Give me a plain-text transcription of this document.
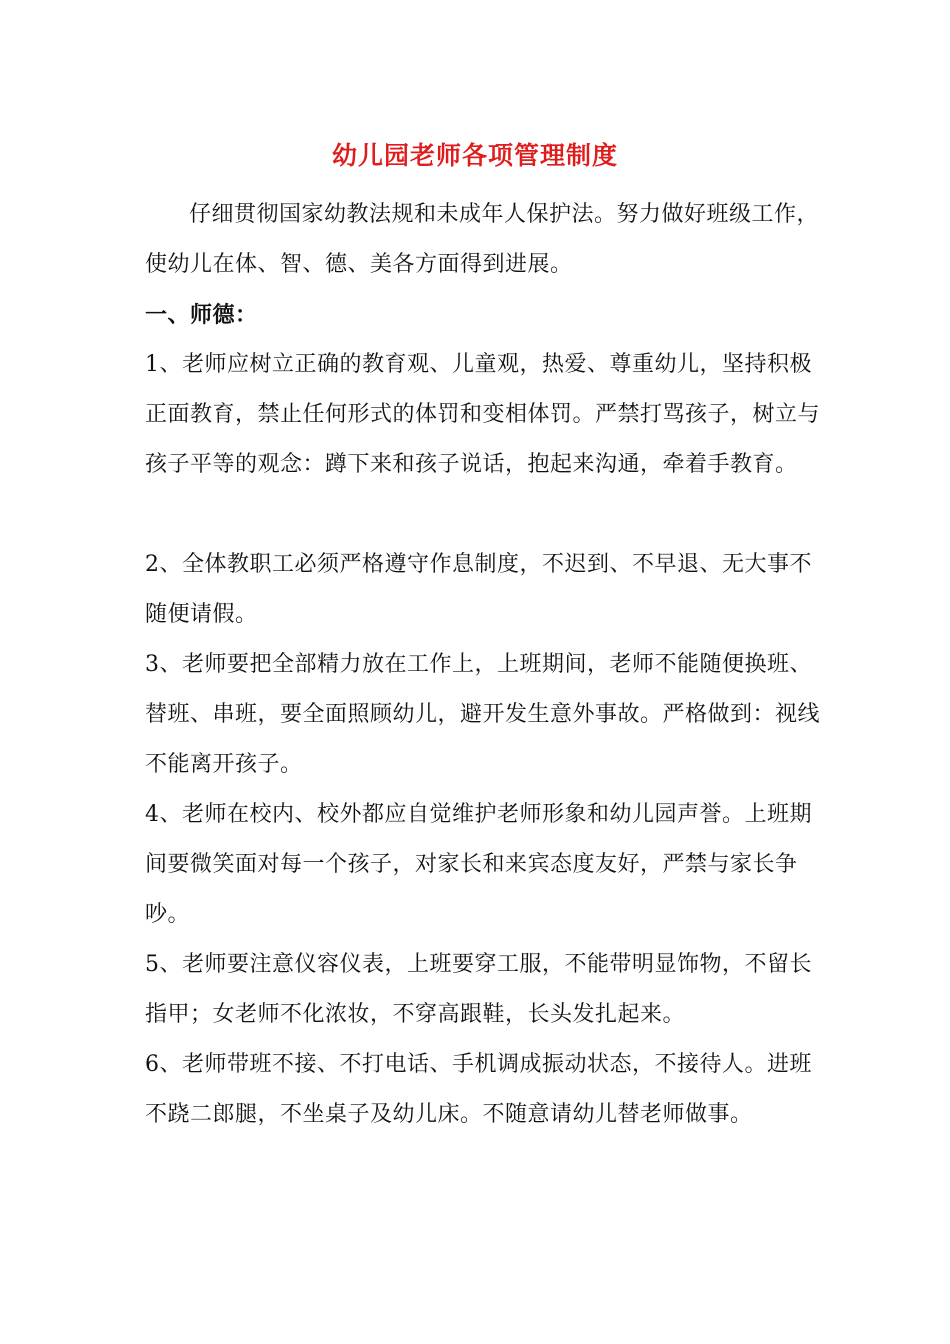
幼儿园老师各项管理制度

仔细贯彻国家幼教法规和未成年人保护法。努力做好班级工作，使幼儿在体、智、德、美各方面得到进展。

一、师德：

1、老师应树立正确的教育观、儿童观，热爱、尊重幼儿，坚持积极正面教育，禁止任何形式的体罚和变相体罚。严禁打骂孩子，树立与孩子平等的观念：蹲下来和孩子说话，抱起来沟通，牵着手教育。

2、全体教职工必须严格遵守作息制度，不迟到、不早退、无大事不随便请假。

3、老师要把全部精力放在工作上，上班期间，老师不能随便换班、替班、串班，要全面照顾幼儿，避开发生意外事故。严格做到：视线不能离开孩子。

4、老师在校内、校外都应自觉维护老师形象和幼儿园声誉。上班期间要微笑面对每一个孩子，对家长和来宾态度友好，严禁与家长争吵。

5、老师要注意仪容仪表，上班要穿工服，不能带明显饰物，不留长指甲；女老师不化浓妆，不穿高跟鞋，长头发扎起来。

6、老师带班不接、不打电话、手机调成振动状态，不接待人。进班不跷二郎腿，不坐桌子及幼儿床。不随意请幼儿替老师做事。
